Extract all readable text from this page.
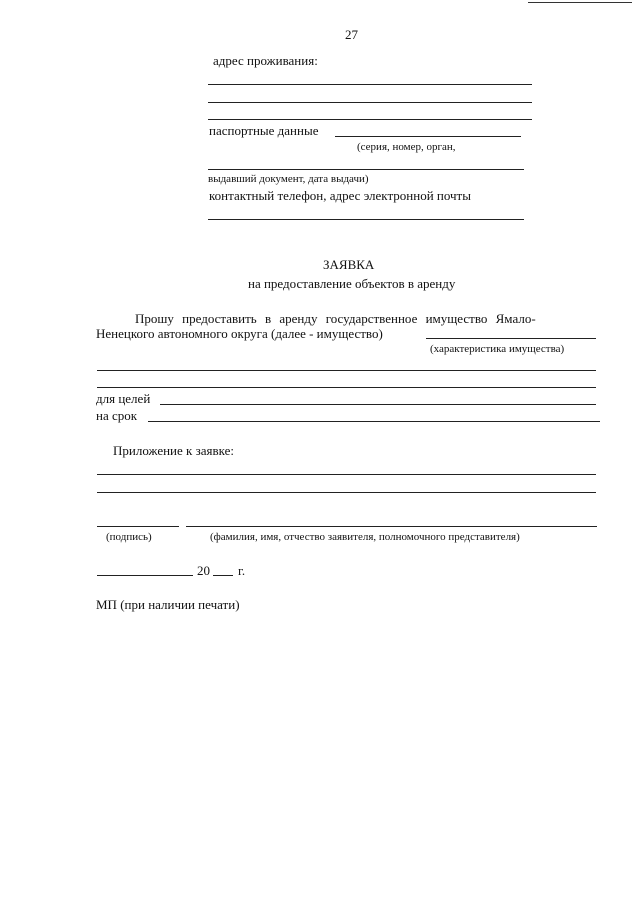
27
адрес проживания:
паспортные данные
(серия, номер, орган,
выдавший документ, дата выдачи)
контактный телефон, адрес электронной почты
ЗАЯВКА
на предоставление объектов в аренду
Прошу предоставить в аренду государственное имущество Ямало-
Ненецкого автономного округа (далее - имущество)
(характеристика имущества)
для целей
на срок
Приложение к заявке:
(подпись)	(фамилия, имя, отчество заявителя, полномочного представителя)
20 г.
МП (при наличии печати)
